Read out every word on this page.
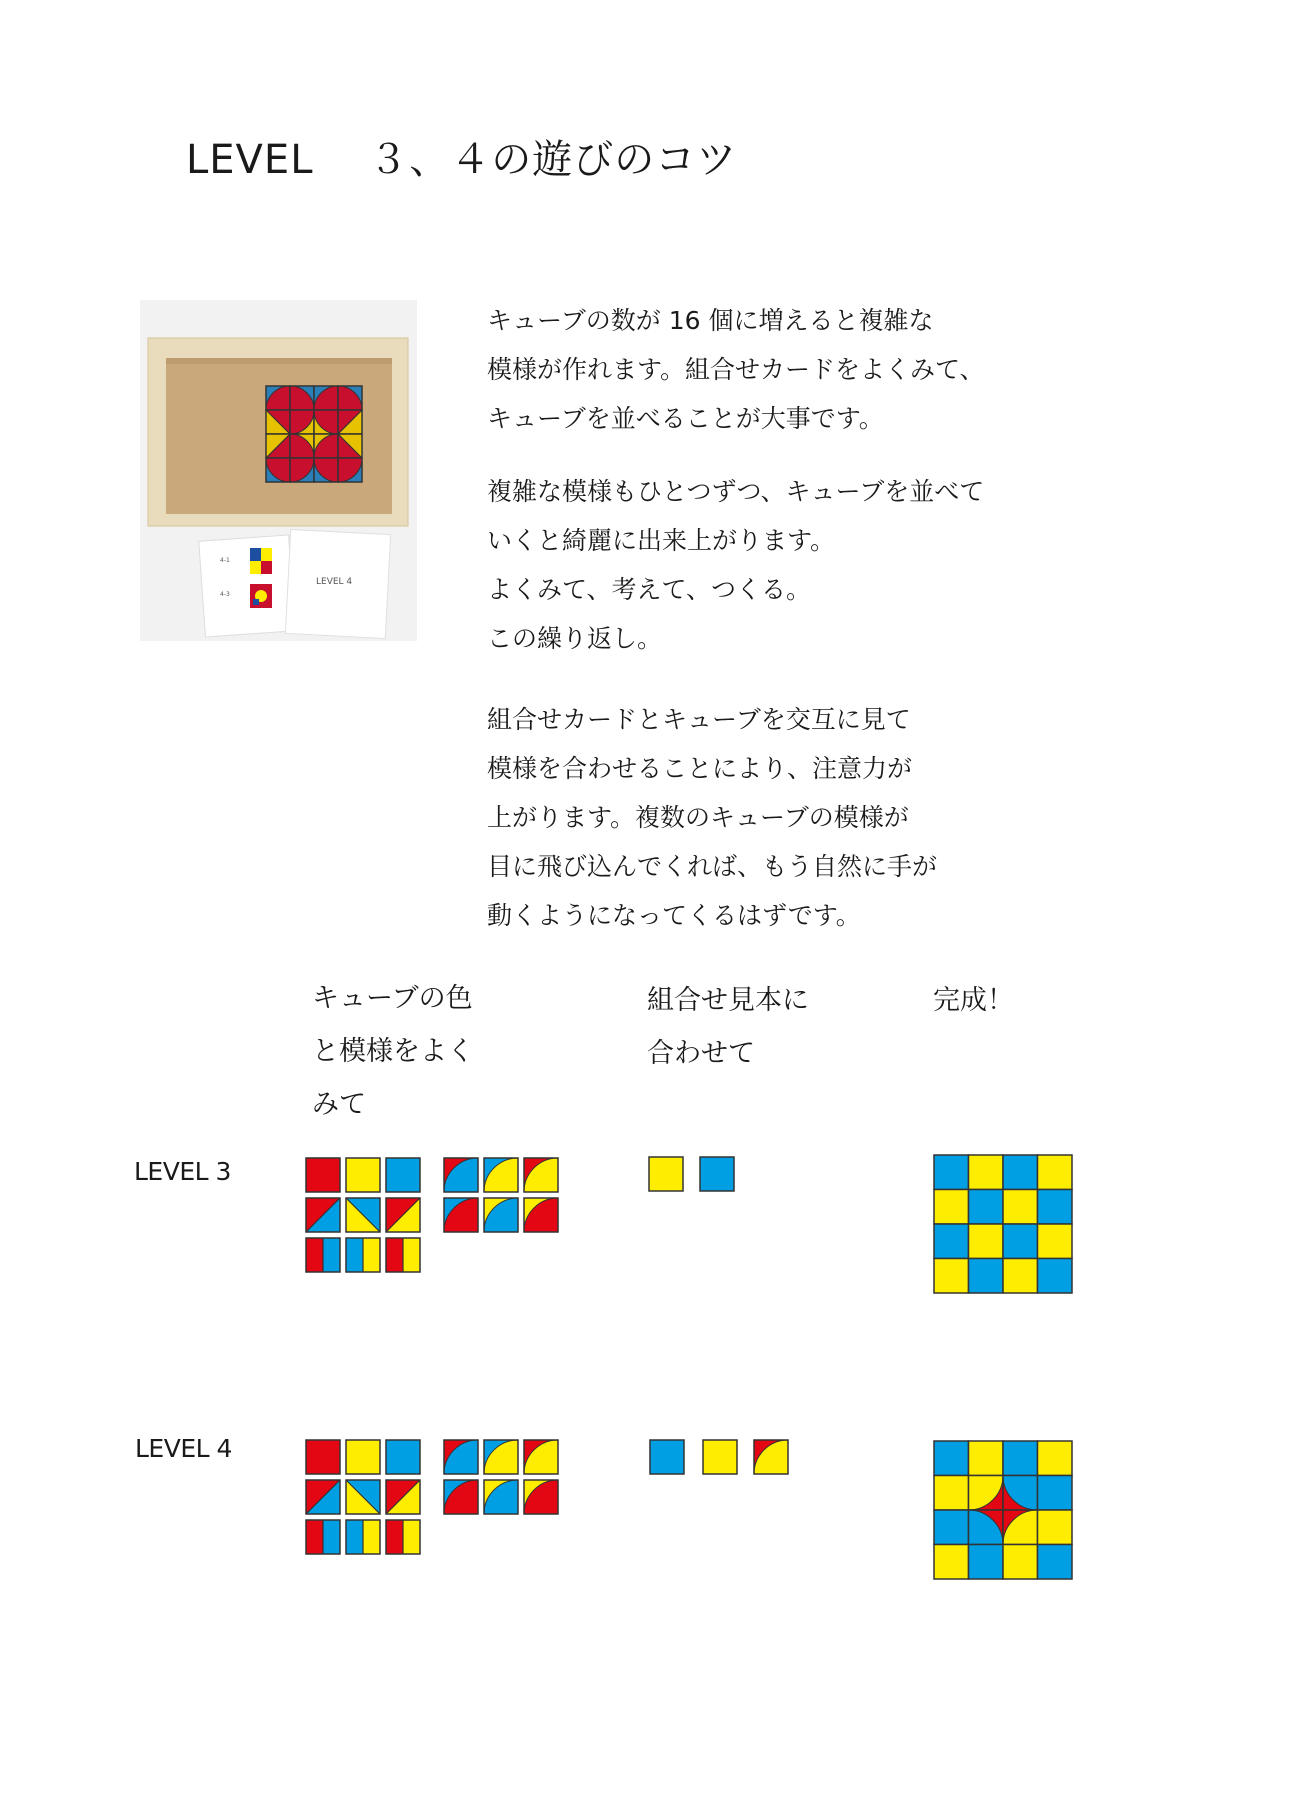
LEVEL　 ３、４の遊びのコツ
4-1
4-3
LEVEL 4
キューブの数が 16 個に増えると複雑な
模様が作れます。組合せカードをよくみて、
キューブを並べることが大事です。
複雑な模様もひとつずつ、キューブを並べて
いくと綺麗に出来上がります。
よくみて、考えて、つくる。
この繰り返し。
組合せカードとキューブを交互に見て
模様を合わせることにより、注意力が
上がります。複数のキューブの模様が
目に飛び込んでくれば、もう自然に手が
動くようになってくるはずです。
キューブの色
と模様をよく
みて
組合せ見本に
合わせて
完成！
LEVEL 3
LEVEL 4
